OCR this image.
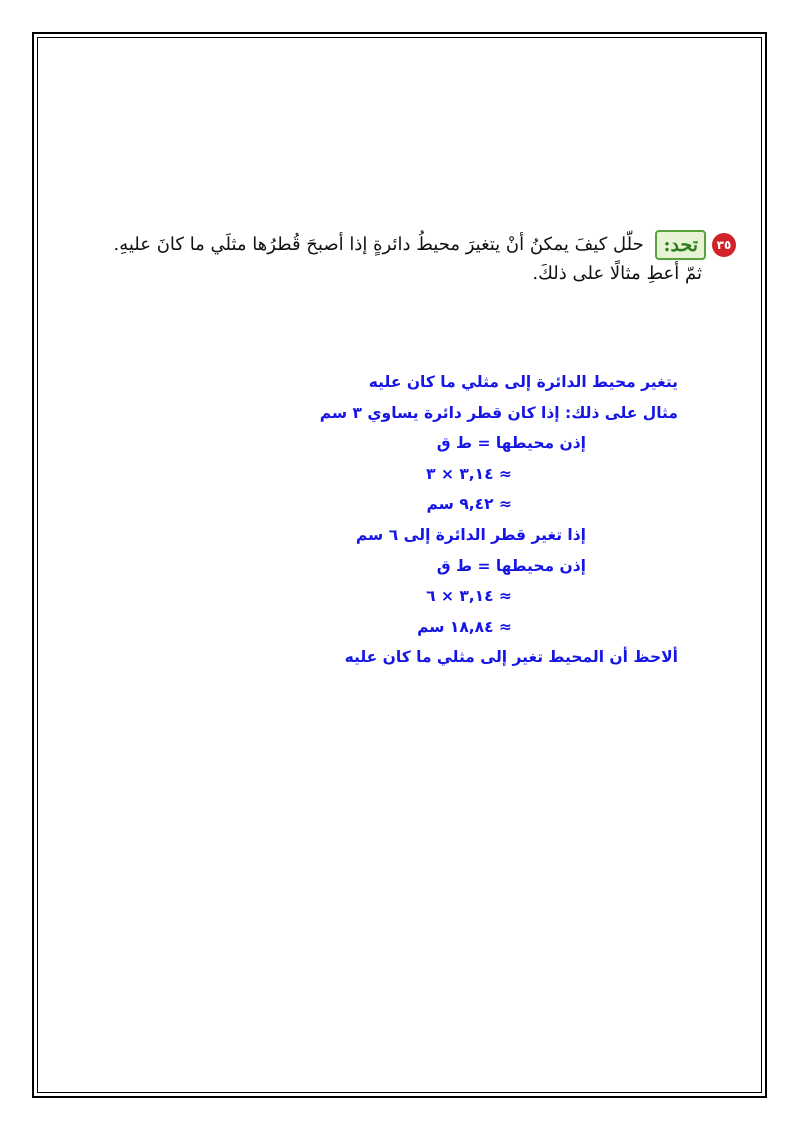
٣٥تحد: حلّل كيفَ يمكنُ أنْ يتغيرَ محيطُ دائرةٍ إذا أصبحَ قُطرُها مثلَي ما كانَ عليهِ.
ثمّ أعطِ مثالًا على ذلكَ.
يتغير محيط الدائرة إلى مثلي ما كان عليه
مثال على ذلك: إذا كان قطر دائرة يساوي ٣ سم
إذن محيطها = ط ق
≈ ٣,١٤ × ٣
≈ ٩,٤٢ سم
إذا تغير قطر الدائرة إلى ٦ سم
إذن محيطها = ط ق
≈ ٣,١٤ × ٦
≈ ١٨,٨٤ سم
ألاحظ أن المحيط تغير إلى مثلي ما كان عليه
